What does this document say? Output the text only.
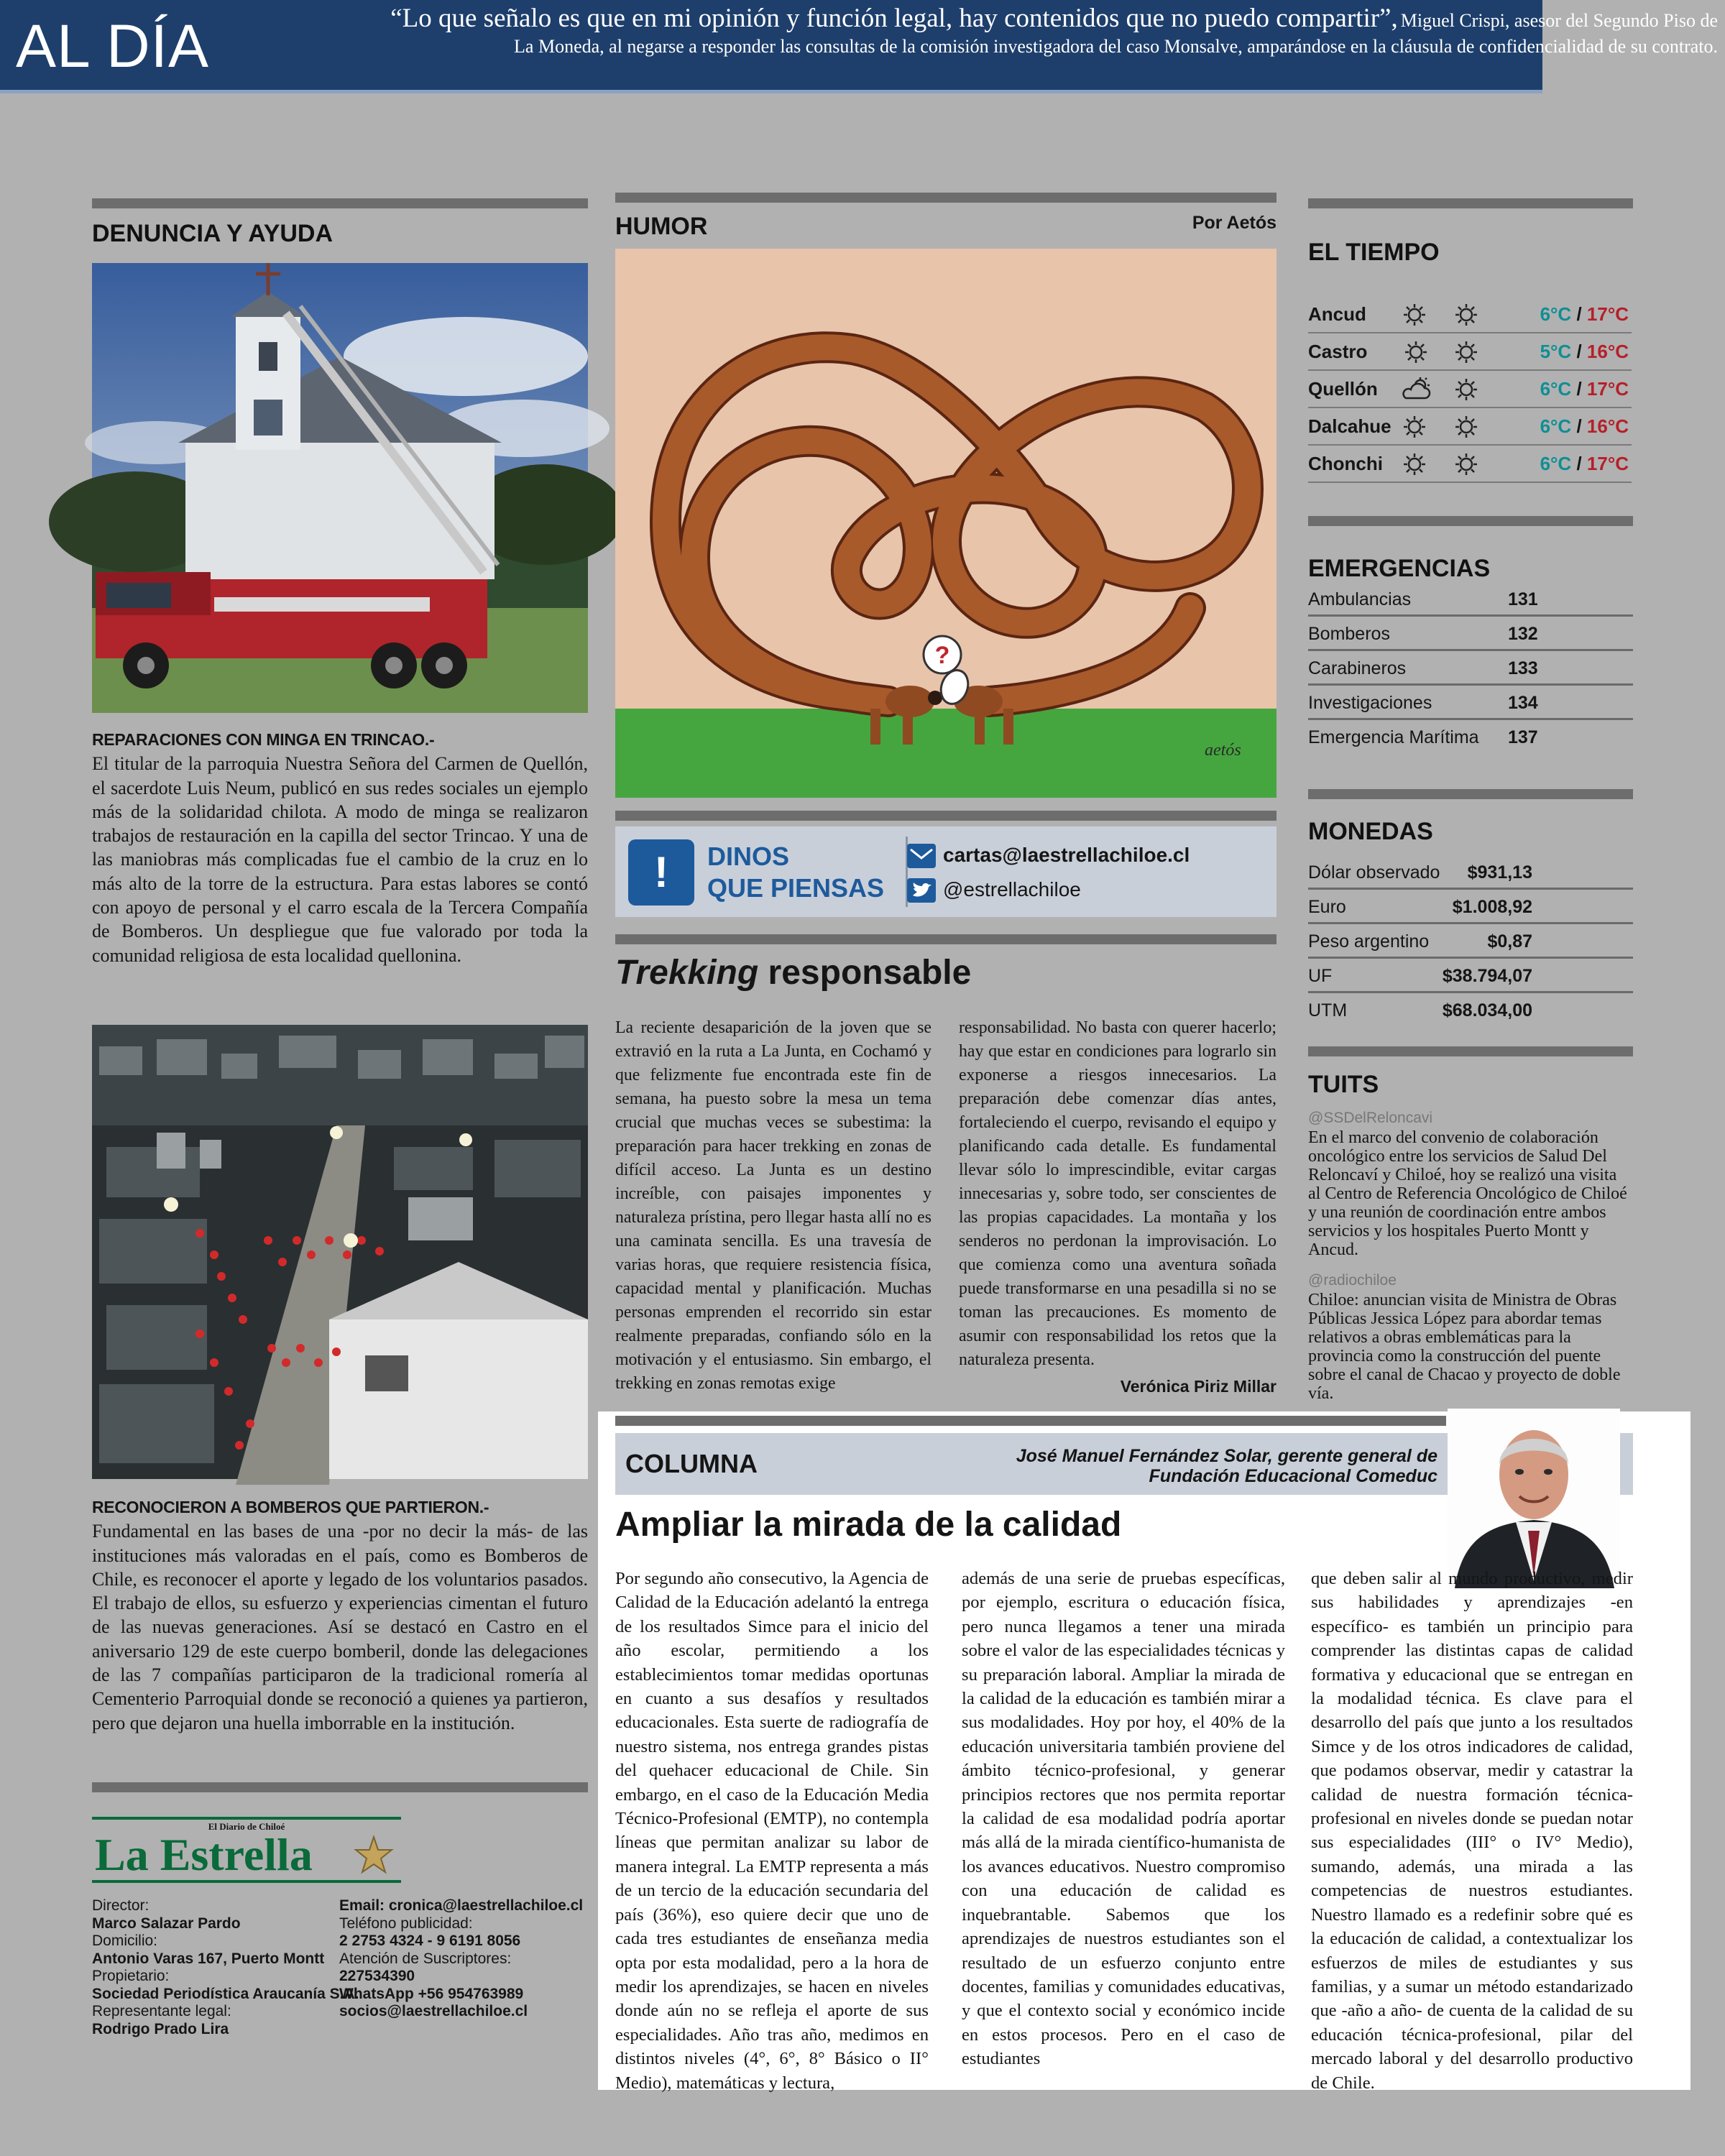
AL DÍA	“Lo que señalo es que en mi opinión y función legal, hay contenidos que no puedo compartir”, Miguel Crispi, asesor del Segundo Piso de La Moneda, al negarse a responder las consultas de la comisión investigadora del caso Monsalve, amparándose en la cláusula de confidencialidad de su contrato.
DENUNCIA Y AYUDA
REPARACIONES CON MINGA EN TRINCAO.-
El titular de la parroquia Nuestra Señora del Carmen de Quellón, el sacerdote Luis Neum, publicó en sus redes sociales un ejemplo más de la solidaridad chilota. A modo de minga se realizaron trabajos de restauración en la capilla del sector Trincao. Y una de las maniobras más complicadas fue el cambio de la cruz en lo más alto de la torre de la estructura. Para estas labores se contó con apoyo de personal y el carro escala de la Tercera Compañía de Bomberos. Un despliegue que fue valorado por toda la comunidad religiosa de esta localidad quellonina.
RECONOCIERON A BOMBEROS QUE PARTIERON.-
Fundamental en las bases de una -por no decir la más- de las instituciones más valoradas en el país, como es Bomberos de Chile, es reconocer el aporte y legado de los voluntarios pasados. El trabajo de ellos, su esfuerzo y experiencias cimentan el futuro de las nuevas generaciones. Así se destacó en Castro en el aniversario 129 de este cuerpo bomberil, donde las delegaciones de las 7 compañías participaron de la tradicional romería al Cementerio Parroquial donde se reconoció a quienes ya partieron, pero que dejaron una huella imborrable en la institución.
El Diario de Chiloé
La Estrella
Director:
Marco Salazar Pardo
Domicilio:
Antonio Varas 167, Puerto Montt
Propietario:
Sociedad Periodística Araucanía S.A.
Representante legal:
Rodrigo Prado Lira
Email: cronica@laestrellachiloe.cl
Teléfono publicidad:
2 2753 4324 - 9 6191 8056
Atención de Suscriptores:
227534390
WhatsApp +56 954763989
socios@laestrellachiloe.cl
HUMOR	Por Aetós
?
aetós
!	DINOS
QUE PIENSAS
cartas@laestrellachiloe.cl
@estrellachiloe
Trekking responsable
La reciente desaparición de la joven que se extravió en la ruta a La Junta, en Cochamó y que felizmente fue encontrada este fin de semana, ha puesto sobre la mesa un tema crucial que muchas veces se subestima: la preparación para hacer trekking en zonas de difícil acceso. La Junta es un destino increíble, con paisajes imponentes y naturaleza prístina, pero llegar hasta allí no es una caminata sencilla. Es una travesía de varias horas, que requiere resistencia física, capacidad mental y planificación. Muchas personas emprenden el recorrido sin estar realmente preparadas, confiando sólo en la motivación y el entusiasmo. Sin embargo, el trekking en zonas remotas exige
responsabilidad. No basta con querer hacerlo; hay que estar en condiciones para lograrlo sin exponerse a riesgos innecesarios. La preparación debe comenzar días antes, fortaleciendo el cuerpo, revisando el equipo y planificando cada detalle. Es fundamental llevar sólo lo imprescindible, evitar cargas innecesarias y, sobre todo, ser conscientes de las propias capacidades. La montaña y los senderos no perdonan la improvisación. Lo que comienza como una aventura soñada puede transformarse en una pesadilla si no se toman las precauciones. Es momento de asumir con responsabilidad los retos que la naturaleza presenta.
Verónica Piriz Millar
EL TIEMPO
Ancud	6°C / 17°C
Castro	5°C / 16°C
Quellón	6°C / 17°C
Dalcahue	6°C / 16°C
Chonchi	6°C / 17°C
EMERGENCIAS
Ambulancias	131
Bomberos	132
Carabineros	133
Investigaciones	134
Emergencia Marítima 137
MONEDAS
Dólar observado $931,13
Euro	$1.008,92
Peso argentino	$0,87
UF	$38.794,07
UTM	$68.034,00
TUITS
@SSDelReloncavi
En el marco del convenio de colaboración oncológico entre los servicios de Salud Del Reloncaví y Chiloé, hoy se realizó una visita al Centro de Referencia Oncológico de Chiloé y una reunión de coordinación entre ambos servicios y los hospitales Puerto Montt y Ancud.
@radiochiloe
Chiloe: anuncian visita de Ministra de Obras Públicas Jessica López para abordar temas relativos a obras emblemáticas para la provincia como la construcción del puente sobre el canal de Chacao y proyecto de doble vía.
COLUMNA	José Manuel Fernández Solar, gerente general de
Fundación Educacional Comeduc
Ampliar la mirada de la calidad
Por segundo año consecutivo, la Agencia de Calidad de la Educación adelantó la entrega de los resultados Simce para el inicio del año escolar, permitiendo a los establecimientos tomar medidas oportunas en cuanto a sus desafíos y resultados educacionales. Esta suerte de radiografía de nuestro sistema, nos entrega grandes pistas del quehacer educacional de Chile. Sin embargo, en el caso de la Educación Media Técnico-Profesional (EMTP), no contempla líneas que permitan analizar su labor de manera integral. La EMTP representa a más de un tercio de la educación secundaria del país (36%), eso quiere decir que uno de cada tres estudiantes de enseñanza media opta por esta modalidad, pero a la hora de medir los aprendizajes, se hacen en niveles donde aún no se refleja el aporte de sus especialidades. Año tras año, medimos en distintos niveles (4°, 6°, 8° Básico o II° Medio), matemáticas y lectura,
además de una serie de pruebas específicas, por ejemplo, escritura o educación física, pero nunca llegamos a tener una mirada sobre el valor de las especialidades técnicas y su preparación laboral. Ampliar la mirada de la calidad de la educación es también mirar a sus modalidades. Hoy por hoy, el 40% de la educación universitaria también proviene del ámbito técnico-profesional, y generar principios rectores que nos permita reportar la calidad de esa modalidad podría aportar más allá de la mirada científico-humanista de los avances educativos. Nuestro compromiso con una educación de calidad es inquebrantable. Sabemos que los aprendizajes de nuestros estudiantes son el resultado de un esfuerzo conjunto entre docentes, familias y comunidades educativas, y que el contexto social y económico incide en estos procesos. Pero en el caso de estudiantes
que deben salir al mundo productivo, medir sus habilidades y aprendizajes -en específico- es también un principio para comprender las distintas capas de calidad formativa y educacional que se entregan en la modalidad técnica. Es clave para el desarrollo del país que junto a los resultados Simce y de los otros indicadores de calidad, que podamos observar, medir y catastrar la calidad de nuestra formación técnica-profesional en niveles donde se puedan notar sus especialidades (III° o IV° Medio), sumando, además, una mirada a las competencias de nuestros estudiantes. Nuestro llamado es a redefinir sobre qué es la educación de calidad, a contextualizar los esfuerzos de miles de estudiantes y sus familias, y a sumar un método estandarizado que -año a año- de cuenta de la calidad de su educación técnica-profesional, pilar del mercado laboral y del desarrollo productivo de Chile.
